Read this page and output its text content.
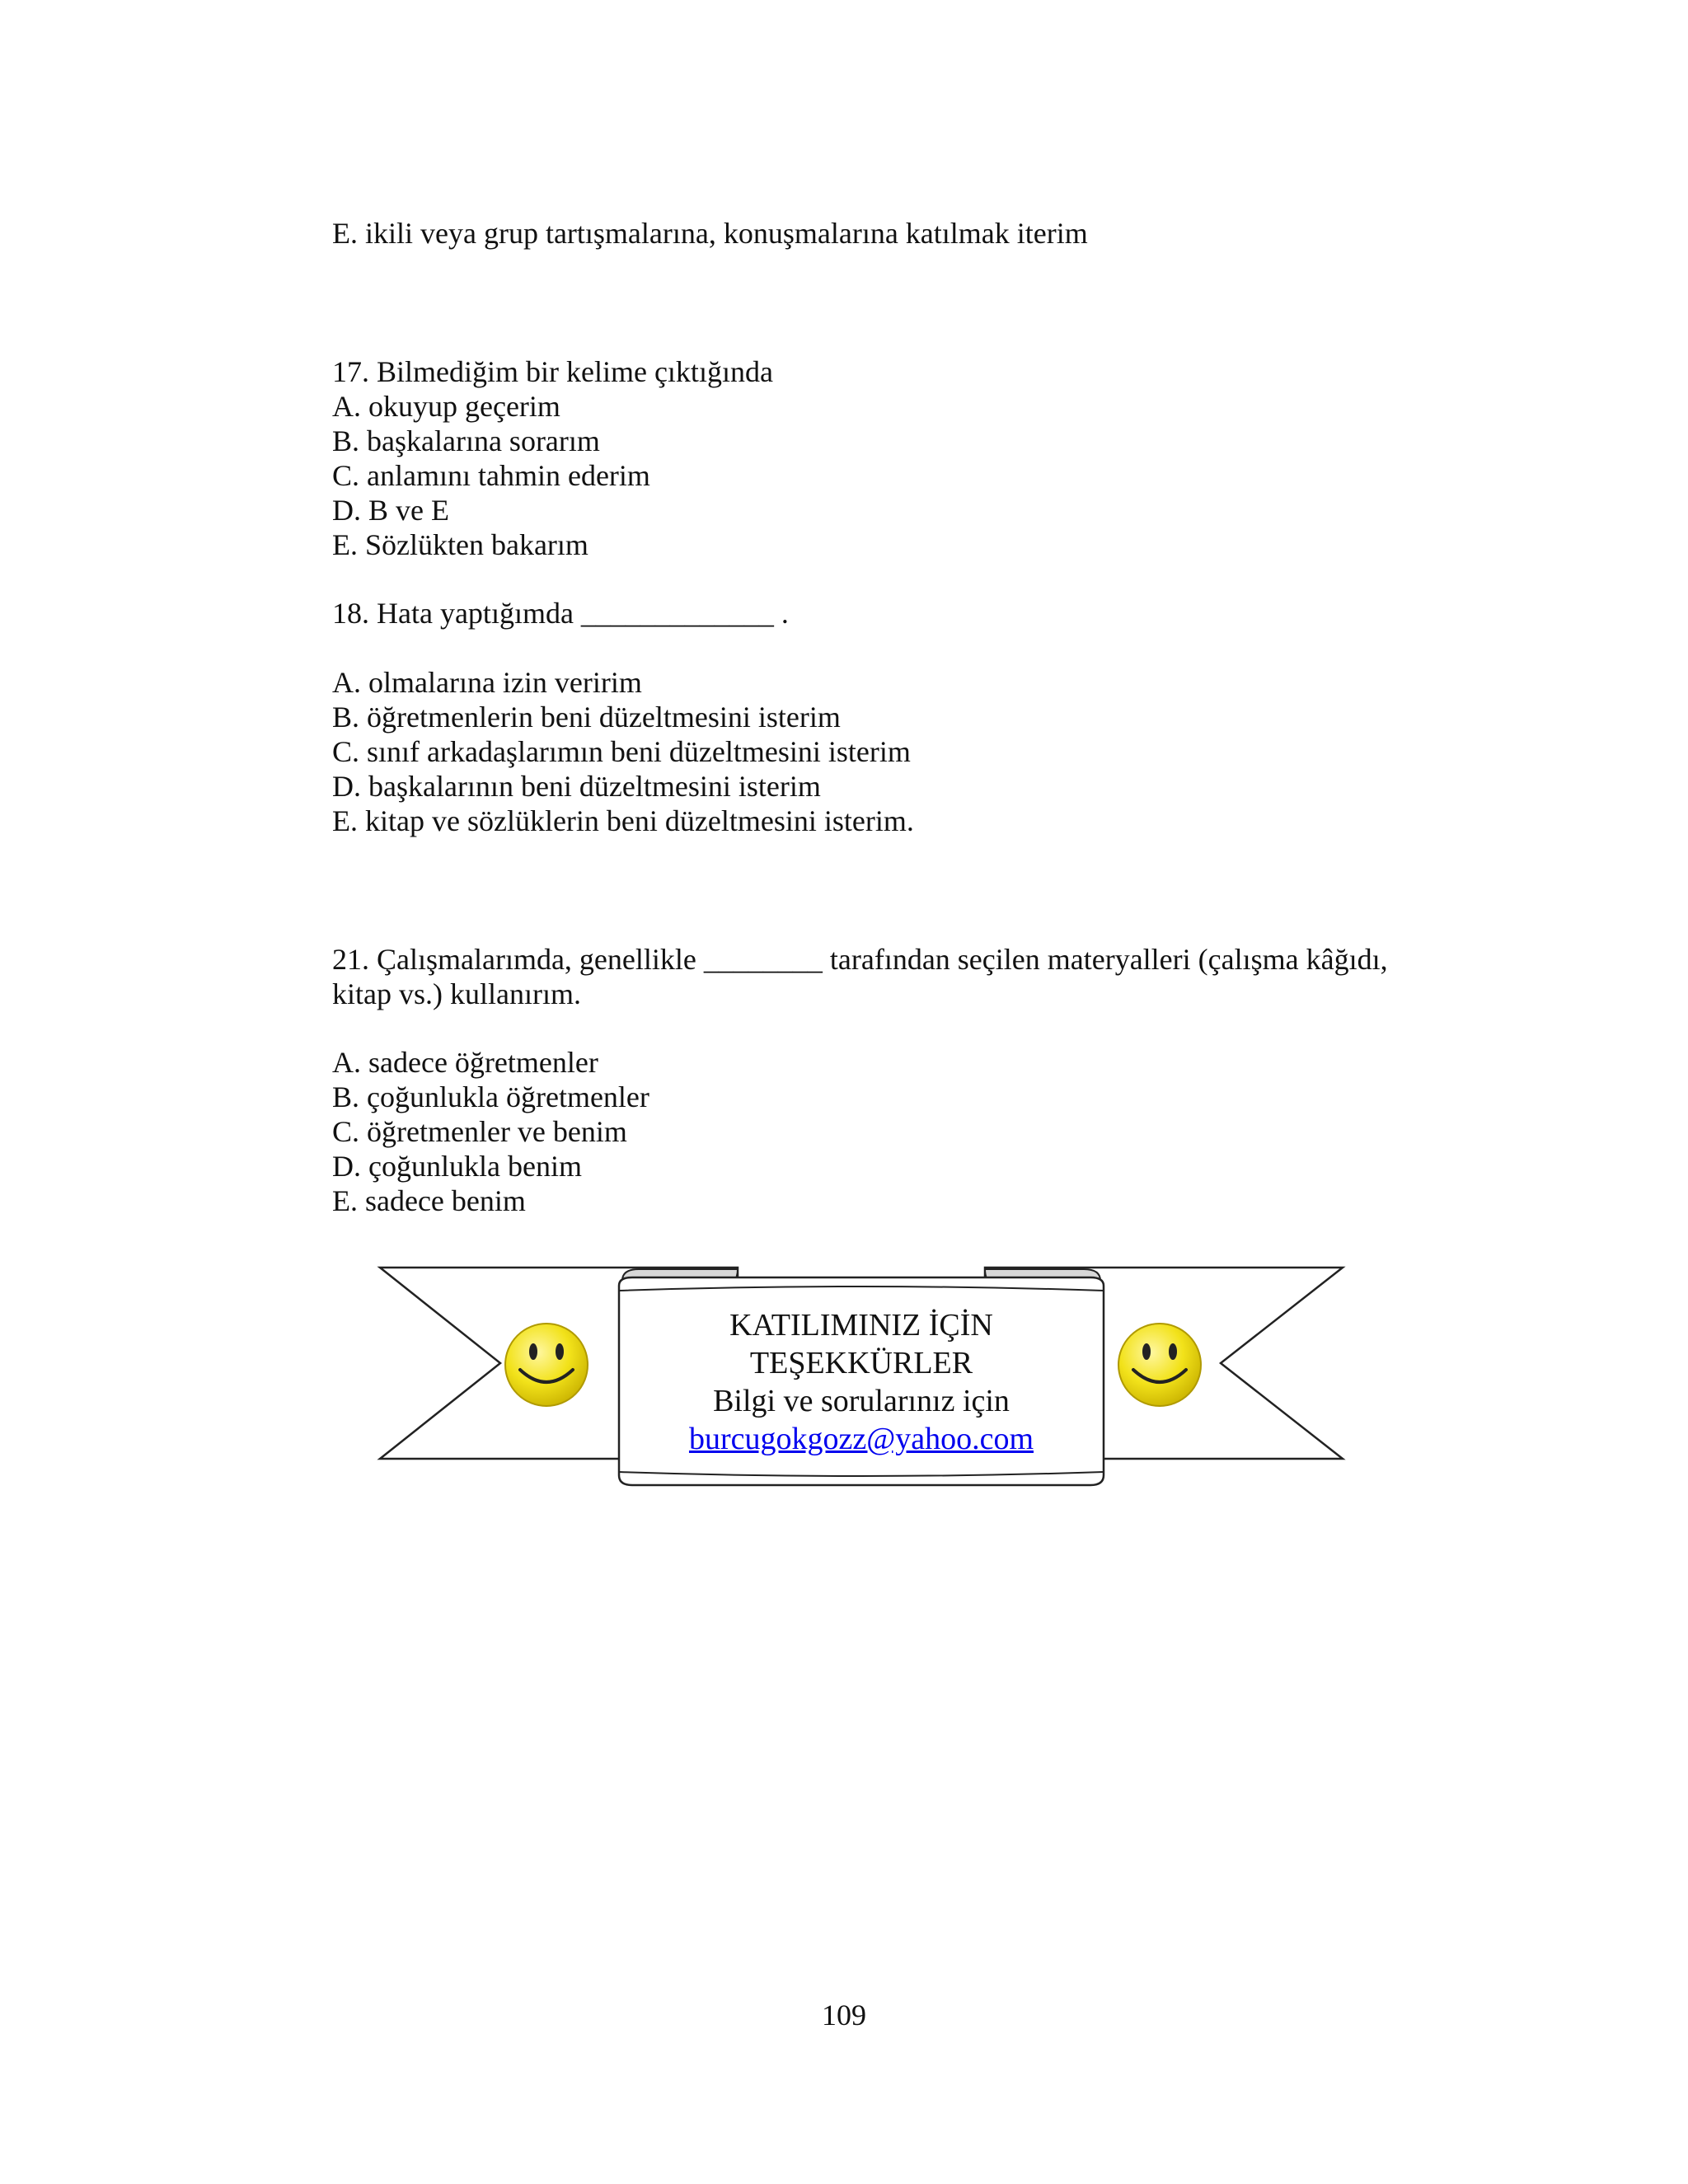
E. ikili veya grup tartışmalarına, konuşmalarına katılmak iterim
17. Bilmediğim bir kelime çıktığında
A. okuyup geçerim
B. başkalarına sorarım
C. anlamını tahmin ederim
D. B ve E
E. Sözlükten bakarım
18. Hata yaptığımda _____________ .
A. olmalarına izin veririm
B. öğretmenlerin beni düzeltmesini isterim
C. sınıf arkadaşlarımın beni düzeltmesini isterim
D. başkalarının beni düzeltmesini isterim
E. kitap ve sözlüklerin beni düzeltmesini isterim.
21. Çalışmalarımda, genellikle ________ tarafından seçilen materyalleri (çalışma kâğıdı,
kitap vs.) kullanırım.
A. sadece öğretmenler
B. çoğunlukla öğretmenler
C. öğretmenler ve benim
D. çoğunlukla benim
E. sadece benim
KATILIMINIZ İÇİN
TEŞEKKÜRLER
Bilgi ve sorularınız için
burcugokgozz@yahoo.com
109
